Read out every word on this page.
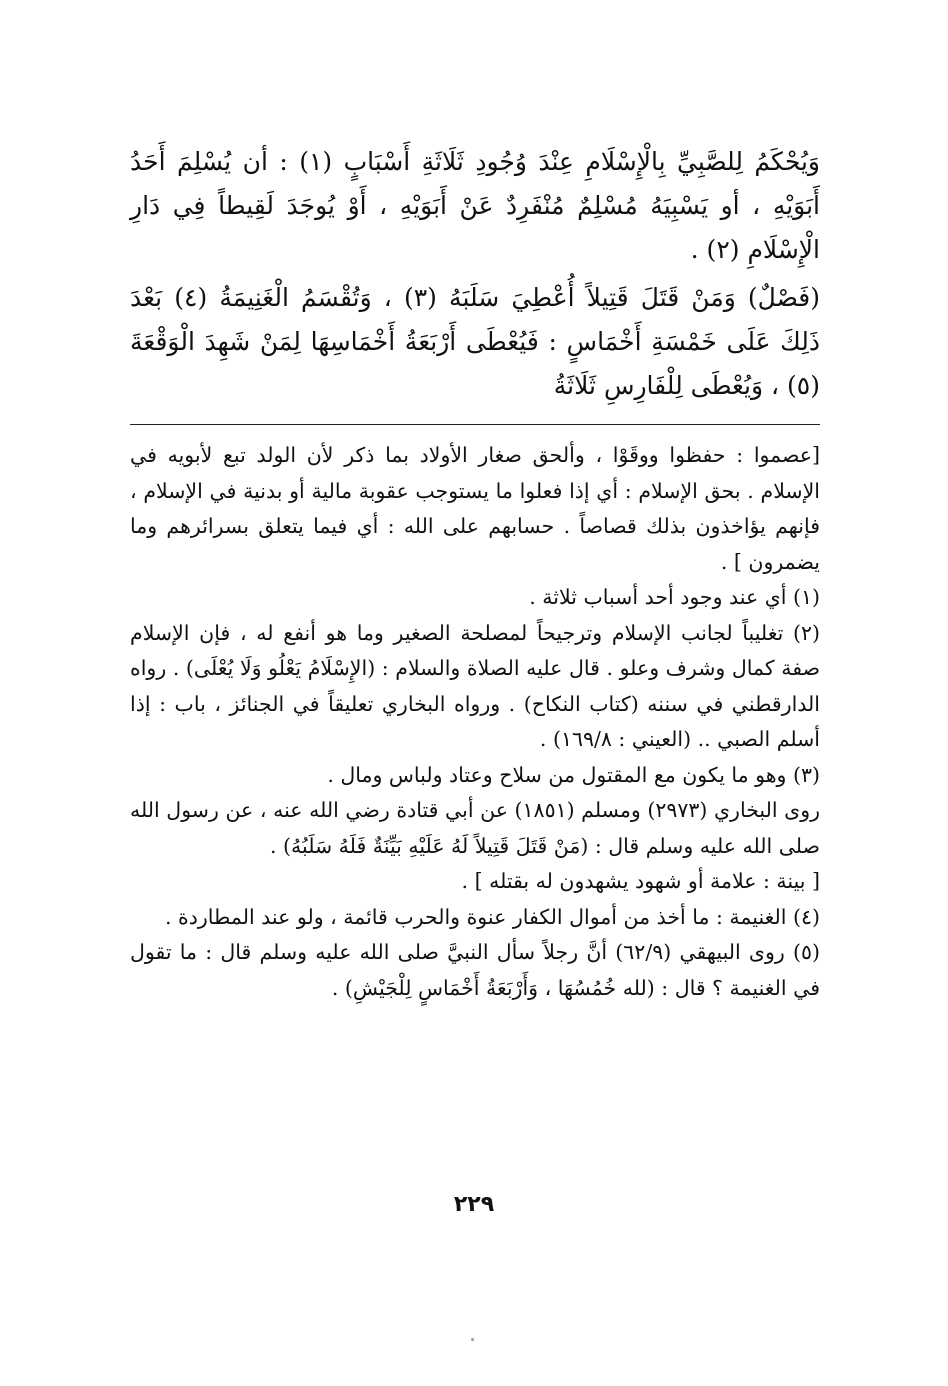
وَيُحْكَمُ لِلصَّبِيِّ بِالْإِسْلَامِ عِنْدَ وُجُودِ ثَلَاثَةِ أَسْبَابٍ (١) : أن يُسْلِمَ أَحَدُ أَبَوَيْهِ ، أو يَسْبِيَهُ مُسْلِمٌ مُنْفَرِدٌ عَنْ أَبَوَيْهِ ، أَوْ يُوجَدَ لَقِيطاً فِي دَارِ الْإِسْلَامِ (٢) .

(فَصْلٌ) وَمَنْ قَتَلَ قَتِيلاً أُعْطِيَ سَلَبَهُ (٣) ، وَتُقْسَمُ الْغَنِيمَةُ (٤) بَعْدَ ذَلِكَ عَلَى خَمْسَةِ أَخْمَاسٍ : فَيُعْطَى أَرْبَعَةُ أَخْمَاسِهَا لِمَنْ شَهِدَ الْوَقْعَةَ (٥) ، وَيُعْطَى لِلْفَارِسِ ثَلَاثَةُ

[عصموا : حفظوا ووقَوْا ، وألحق صغار الأولاد بما ذكر لأن الولد تبع لأبويه في الإسلام . بحق الإسلام : أي إذا فعلوا ما يستوجب عقوبة مالية أو بدنية في الإسلام ، فإنهم يؤاخذون بذلك قصاصاً . حسابهم على الله : أي فيما يتعلق بسرائرهم وما يضمرون ] .

(١) أي عند وجود أحد أسباب ثلاثة .

(٢) تغليباً لجانب الإسلام وترجيحاً لمصلحة الصغير وما هو أنفع له ، فإن الإسلام صفة كمال وشرف وعلو . قال عليه الصلاة والسلام : (الإِسْلَامُ يَعْلُو وَلَا يُعْلَى) . رواه الدارقطني في سننه (كتاب النكاح) . ورواه البخاري تعليقاً في الجنائز ، باب : إذا أسلم الصبي .. (العيني : ١٦٩/٨) .

(٣) وهو ما يكون مع المقتول من سلاح وعتاد ولباس ومال .

روى البخاري (٢٩٧٣) ومسلم (١٨٥١) عن أبي قتادة رضي الله عنه ، عن رسول الله صلى الله عليه وسلم قال : (مَنْ قَتَلَ قَتِيلاً لَهُ عَلَيْهِ بَيِّنَةٌ فَلَهُ سَلَبُهُ) .

[ بينة : علامة أو شهود يشهدون له بقتله ] .

(٤) الغنيمة : ما أخذ من أموال الكفار عنوة والحرب قائمة ، ولو عند المطاردة .

(٥) روى البيهقي (٦٢/٩) أنَّ رجلاً سأل النبيَّ صلى الله عليه وسلم قال : ما تقول في الغنيمة ؟ قال : (لله خُمُسُهَا ، وَأَرْبَعَةُ أَخْمَاسٍ لِلْجَيْشِ) .

٢٢٩
